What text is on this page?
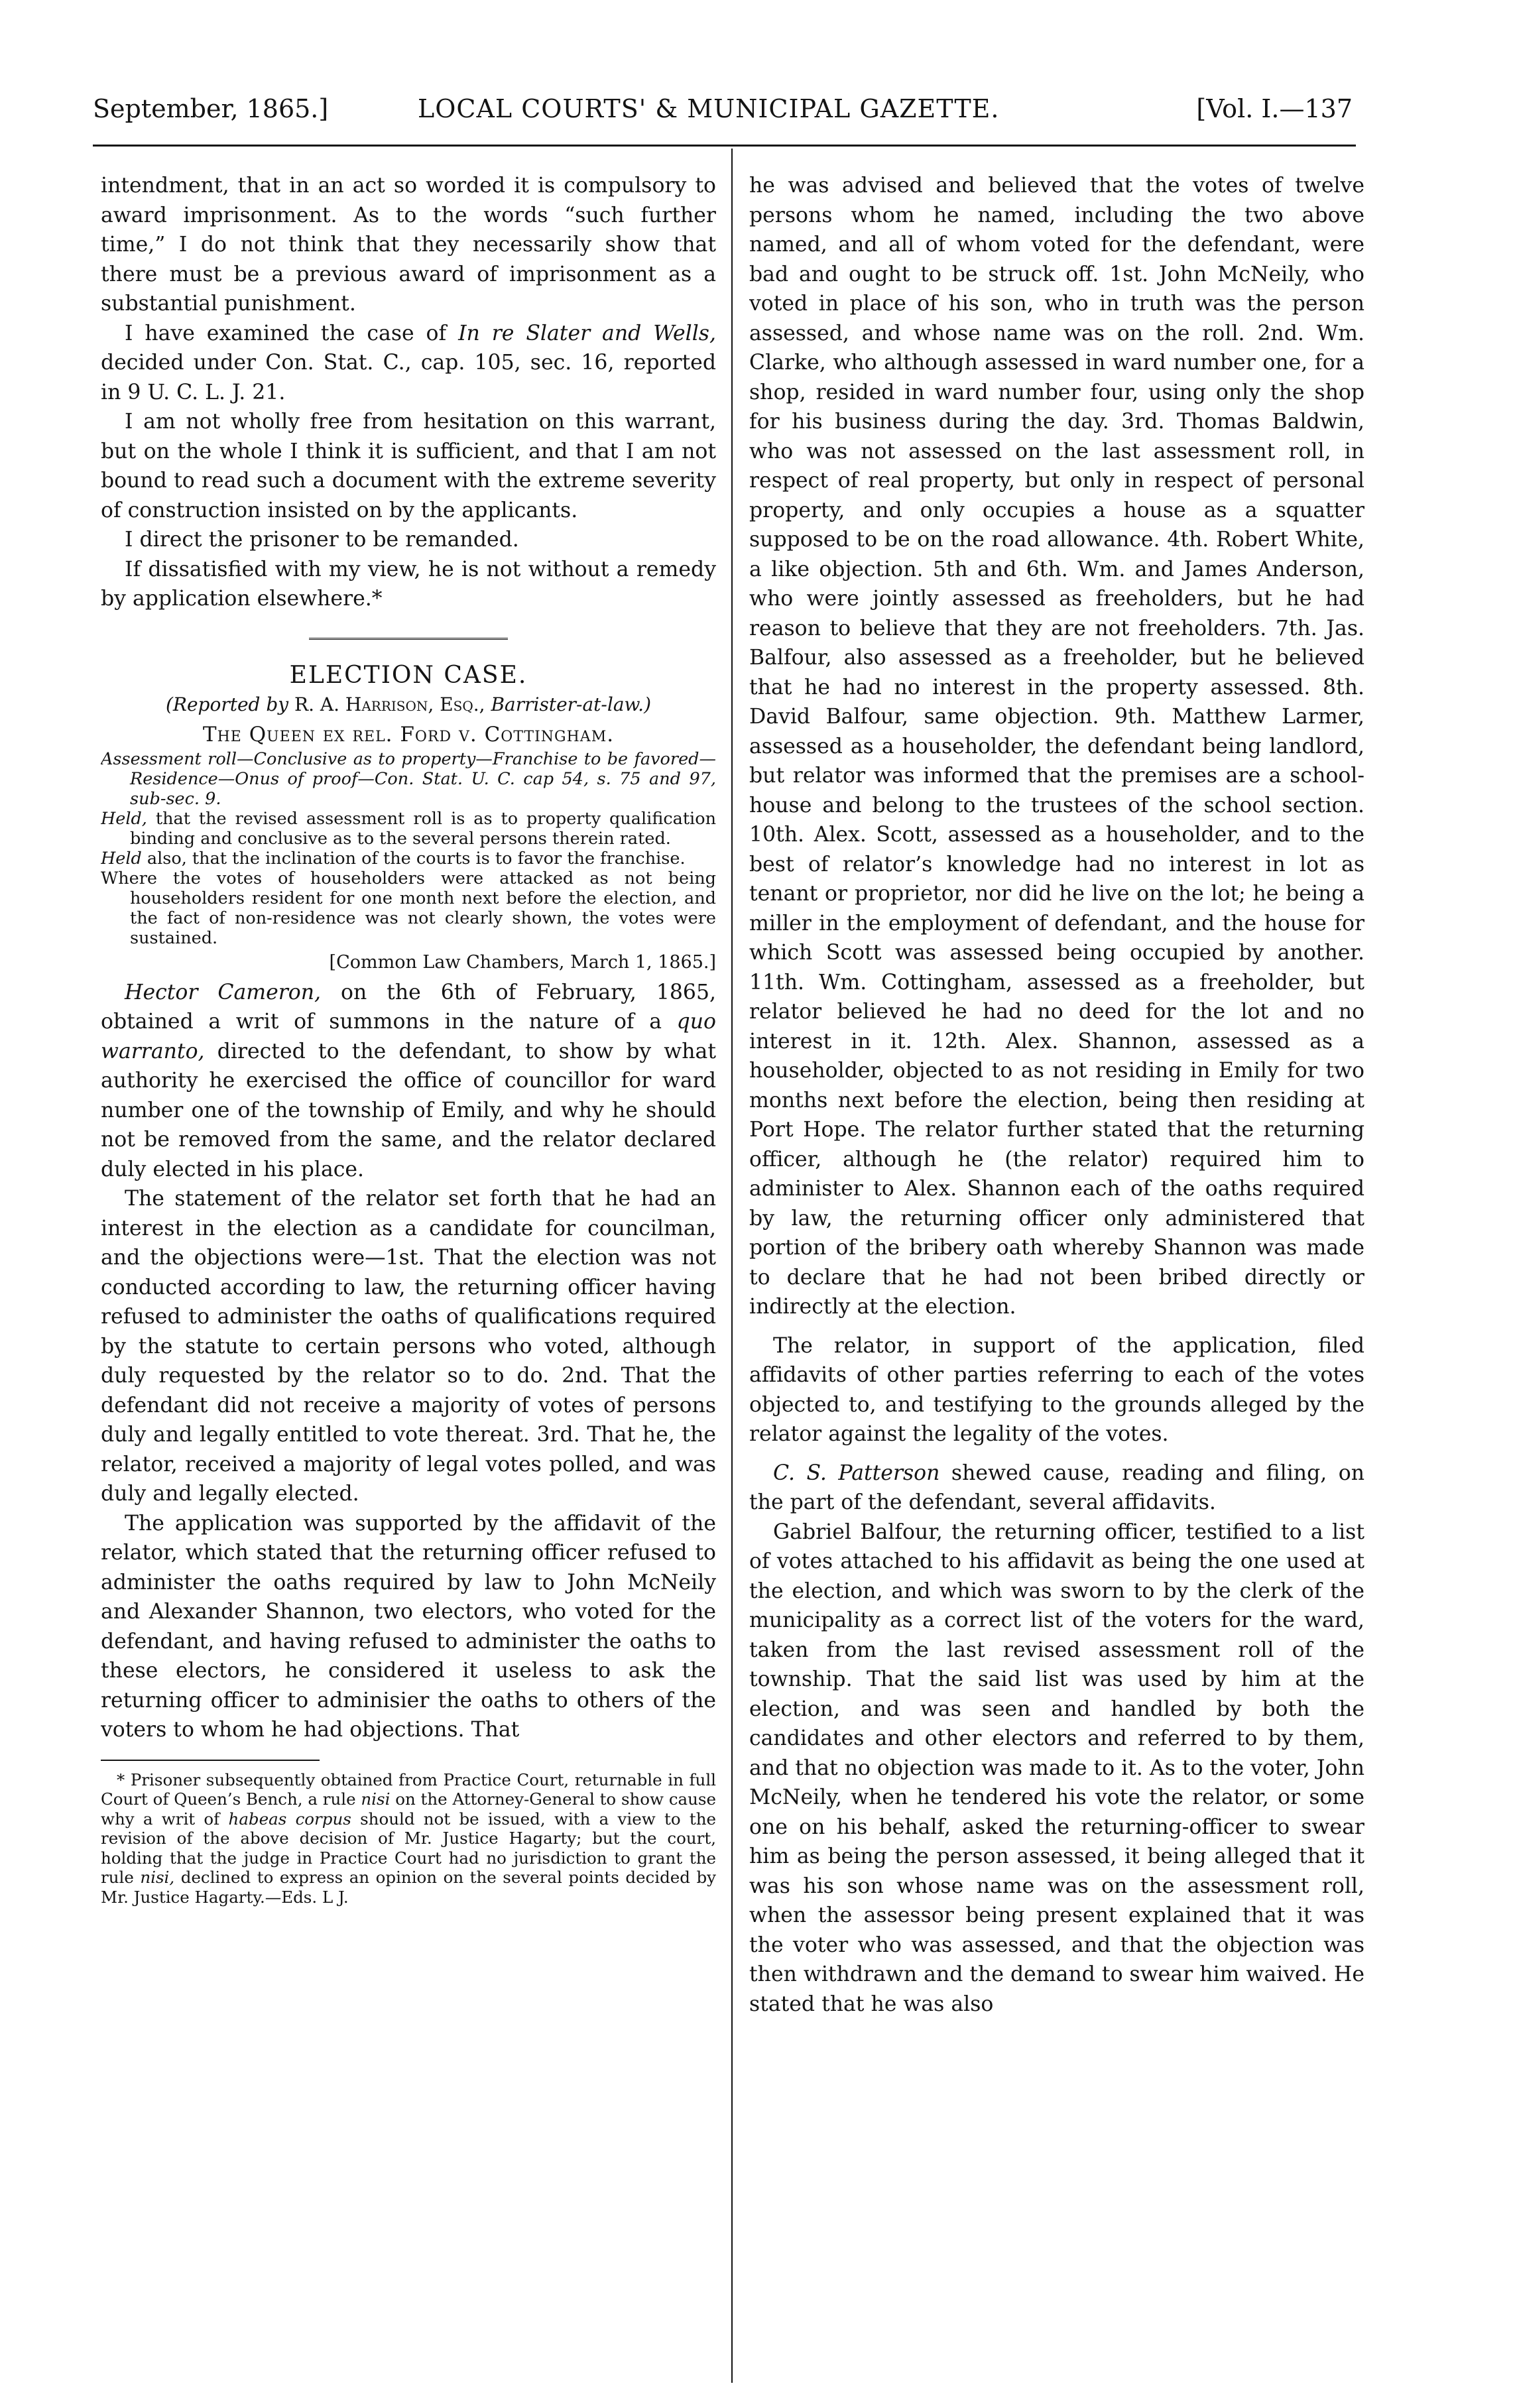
September, 1865.]	LOCAL COURTS' & MUNICIPAL GAZETTE.	[Vol. I.—137

intendment, that in an act so worded it is compulsory to award imprisonment. As to the words “such further time,” I do not think that they necessarily show that there must be a previous award of imprisonment as a substantial punishment.

I have examined the case of In re Slater and Wells, decided under Con. Stat. C., cap. 105, sec. 16, reported in 9 U. C. L. J. 21.

I am not wholly free from hesitation on this warrant, but on the whole I think it is sufficient, and that I am not bound to read such a document with the extreme severity of construction insisted on by the applicants.

I direct the prisoner to be remanded.

If dissatisfied with my view, he is not without a remedy by application elsewhere.*

ELECTION CASE.

(Reported by R. A. Harrison, Esq., Barrister-at-law.)

The Queen ex rel. Ford v. Cottingham.

Assessment roll—Conclusive as to property—Franchise to be favored—Residence—Onus of proof—Con. Stat. U. C. cap 54, s. 75 and 97, sub-sec. 9.

Held, that the revised assessment roll is as to property qualification binding and conclusive as to the several persons therein rated.

Held also, that the inclination of the courts is to favor the franchise.

Where the votes of householders were attacked as not being householders resident for one month next before the election, and the fact of non-residence was not clearly shown, the votes were sustained.

[Common Law Chambers, March 1, 1865.]

Hector Cameron, on the 6th of February, 1865, obtained a writ of summons in the nature of a quo warranto, directed to the defendant, to show by what authority he exercised the office of councillor for ward number one of the township of Emily, and why he should not be removed from the same, and the relator declared duly elected in his place.

The statement of the relator set forth that he had an interest in the election as a candidate for councilman, and the objections were—1st. That the election was not conducted according to law, the returning officer having refused to administer the oaths of qualifications required by the statute to certain persons who voted, although duly requested by the relator so to do. 2nd. That the defendant did not receive a majority of votes of persons duly and legally entitled to vote thereat. 3rd. That he, the relator, received a majority of legal votes polled, and was duly and legally elected.

The application was supported by the affidavit of the relator, which stated that the returning officer refused to administer the oaths required by law to John McNeily and Alexander Shannon, two electors, who voted for the defendant, and having refused to administer the oaths to these electors, he considered it useless to ask the returning officer to adminisier the oaths to others of the voters to whom he had objections. That

* Prisoner subsequently obtained from Practice Court, returnable in full Court of Queen’s Bench, a rule nisi on the Attorney-General to show cause why a writ of habeas corpus should not be issued, with a view to the revision of the above decision of Mr. Justice Hagarty; but the court, holding that the judge in Practice Court had no jurisdiction to grant the rule nisi, declined to express an opinion on the several points decided by Mr. Justice Hagarty.—Eds. L J.

he was advised and believed that the votes of twelve persons whom he named, including the two above named, and all of whom voted for the defendant, were bad and ought to be struck off. 1st. John McNeily, who voted in place of his son, who in truth was the person assessed, and whose name was on the roll. 2nd. Wm. Clarke, who although assessed in ward number one, for a shop, resided in ward number four, using only the shop for his business during the day. 3rd. Thomas Baldwin, who was not assessed on the last assessment roll, in respect of real property, but only in respect of personal property, and only occupies a house as a squatter supposed to be on the road allowance. 4th. Robert White, a like objection. 5th and 6th. Wm. and James Anderson, who were jointly assessed as freeholders, but he had reason to believe that they are not freeholders. 7th. Jas. Balfour, also assessed as a freeholder, but he believed that he had no interest in the property assessed. 8th. David Balfour, same objection. 9th. Matthew Larmer, assessed as a householder, the defendant being landlord, but relator was informed that the premises are a school-house and belong to the trustees of the school section. 10th. Alex. Scott, assessed as a householder, and to the best of relator’s knowledge had no interest in lot as tenant or proprietor, nor did he live on the lot; he being a miller in the employment of defendant, and the house for which Scott was assessed being occupied by another. 11th. Wm. Cottingham, assessed as a freeholder, but relator believed he had no deed for the lot and no interest in it. 12th. Alex. Shannon, assessed as a householder, objected to as not residing in Emily for two months next before the election, being then residing at Port Hope. The relator further stated that the returning officer, although he (the relator) required him to administer to Alex. Shannon each of the oaths required by law, the returning officer only administered that portion of the bribery oath whereby Shannon was made to declare that he had not been bribed directly or indirectly at the election.

The relator, in support of the application, filed affidavits of other parties referring to each of the votes objected to, and testifying to the grounds alleged by the relator against the legality of the votes.

C. S. Patterson shewed cause, reading and filing, on the part of the defendant, several affidavits.

Gabriel Balfour, the returning officer, testified to a list of votes attached to his affidavit as being the one used at the election, and which was sworn to by the clerk of the municipality as a correct list of the voters for the ward, taken from the last revised assessment roll of the township. That the said list was used by him at the election, and was seen and handled by both the candidates and other electors and referred to by them, and that no objection was made to it. As to the voter, John McNeily, when he tendered his vote the relator, or some one on his behalf, asked the returning-officer to swear him as being the person assessed, it being alleged that it was his son whose name was on the assessment roll, when the assessor being present explained that it was the voter who was assessed, and that the objection was then withdrawn and the demand to swear him waived. He stated that he was also
